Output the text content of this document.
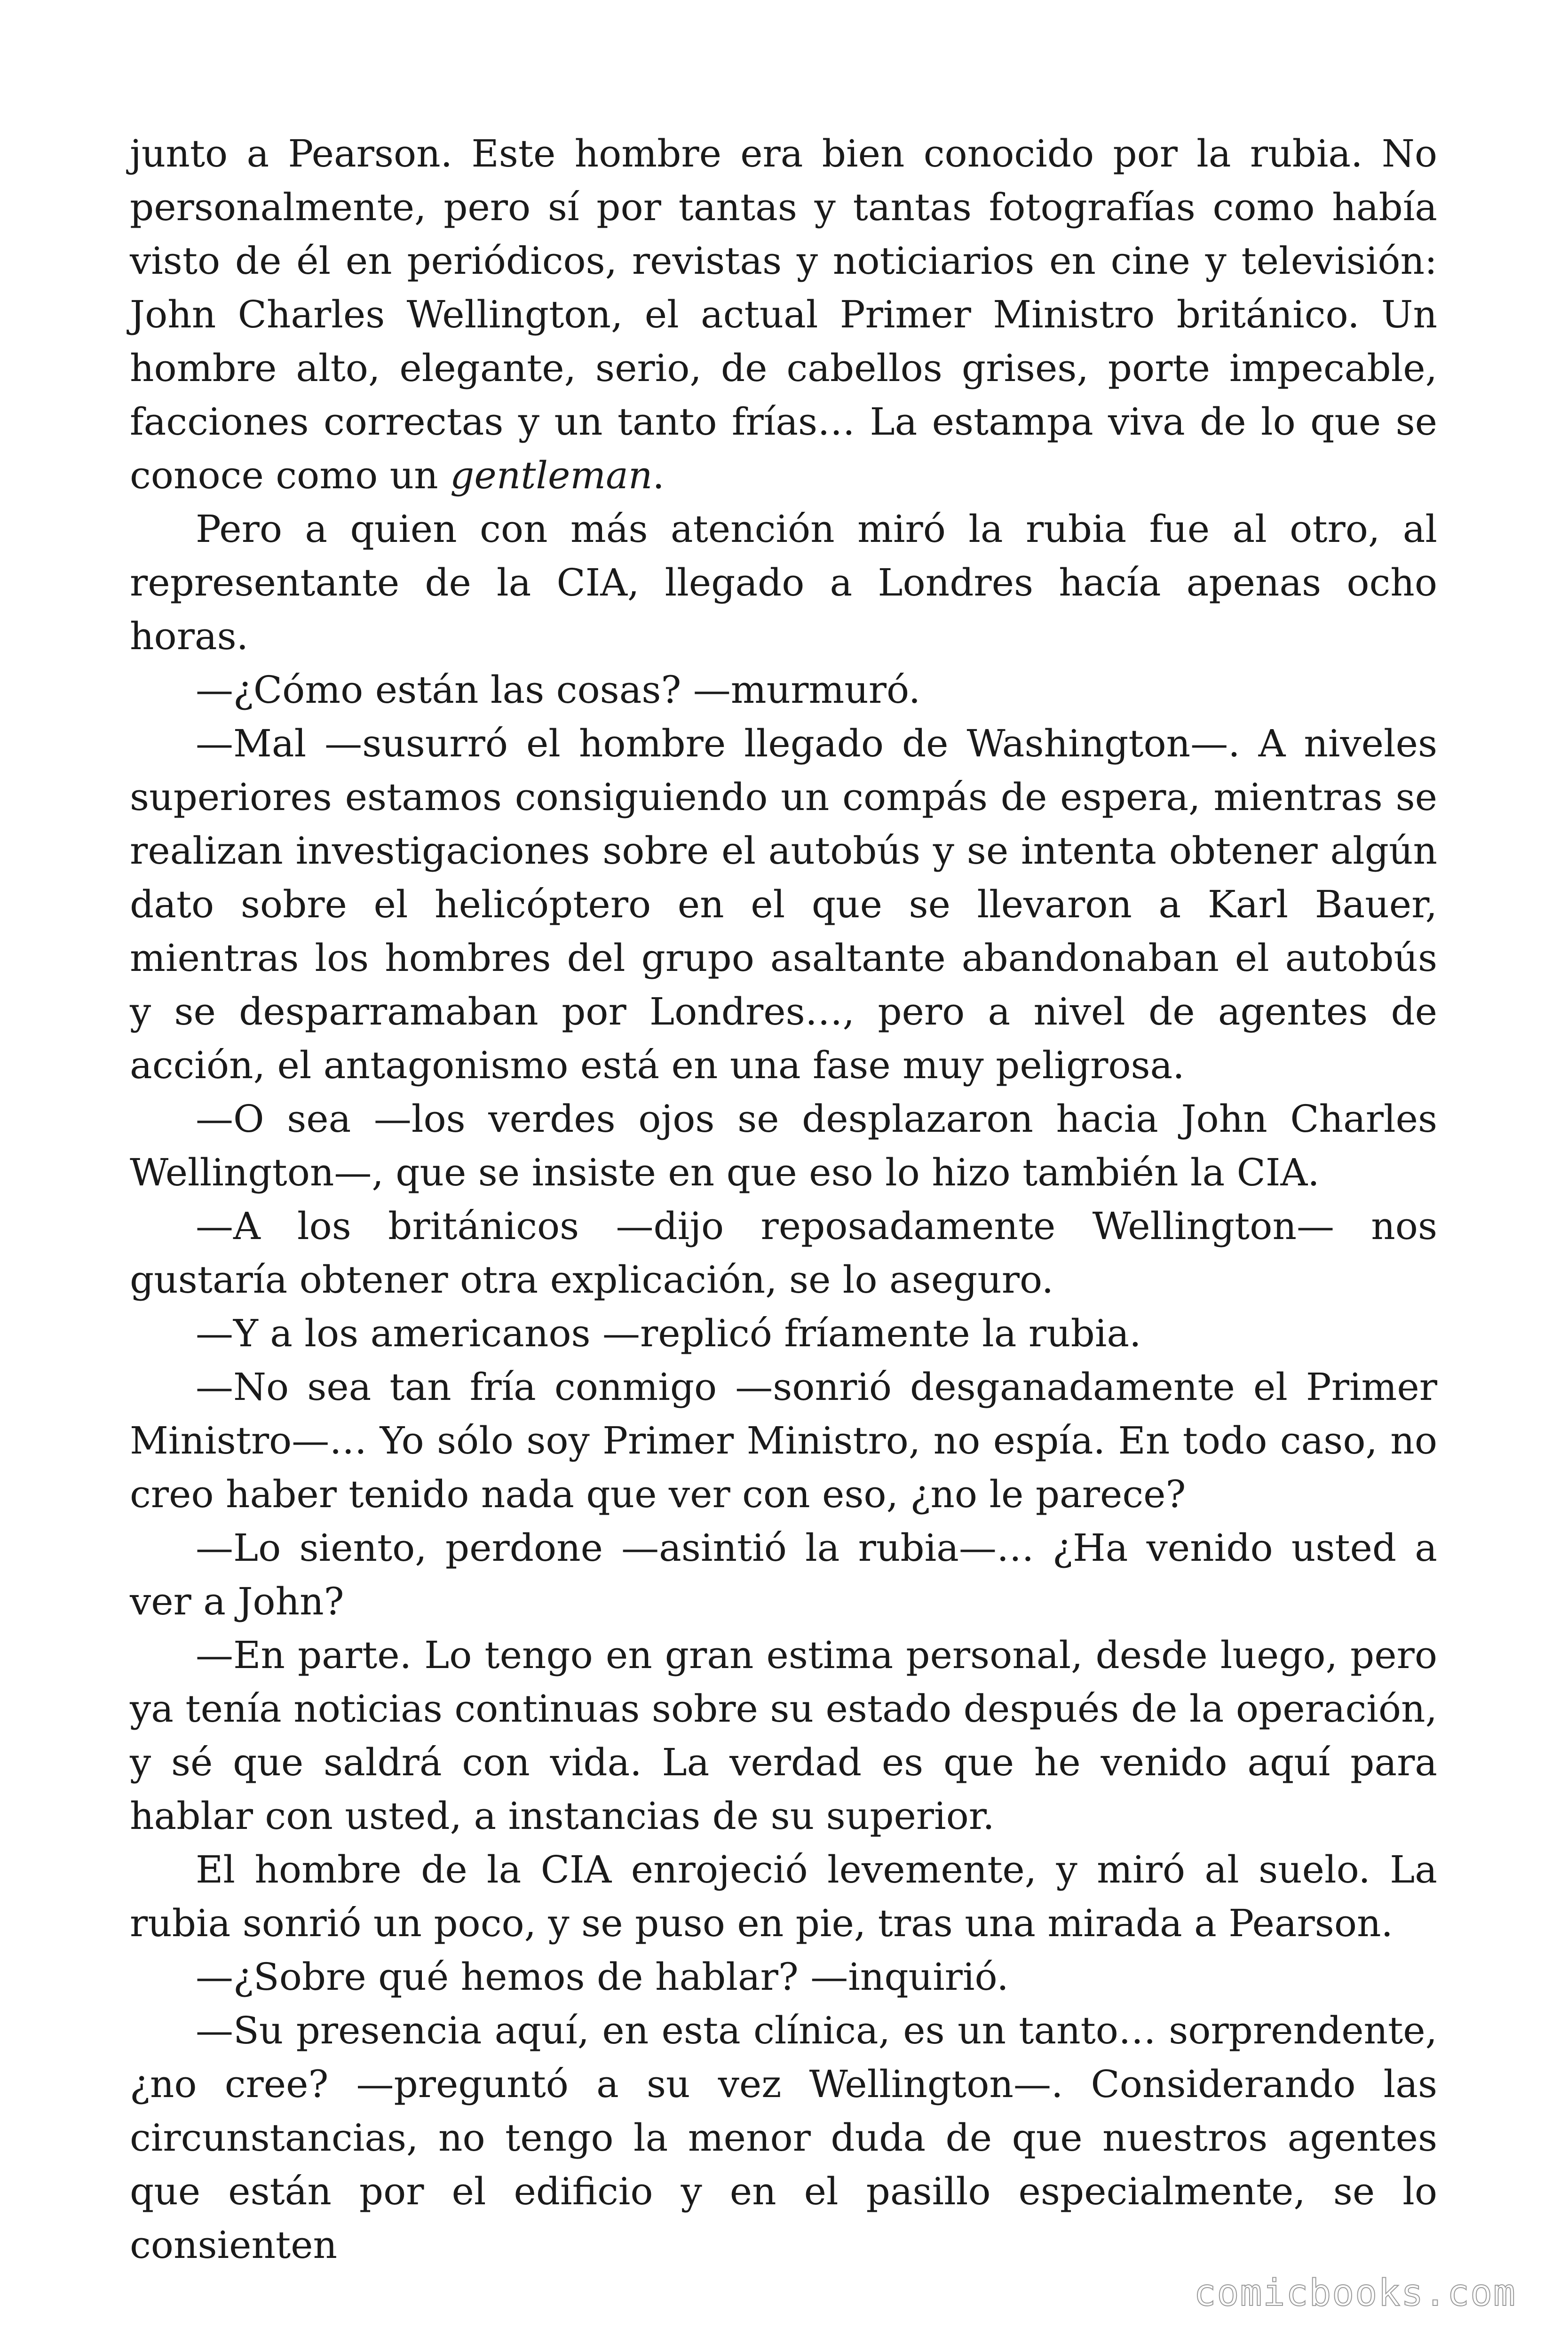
junto a Pearson. Este hombre era bien conocido por la rubia. No personalmente, pero sí por tantas y tantas fotografías como había visto de él en periódicos, revistas y noticiarios en cine y televisión: John Charles Wellington, el actual Primer Ministro británico. Un hombre alto, elegante, serio, de cabellos grises, porte impecable, facciones correctas y un tanto frías… La estampa viva de lo que se conoce como un gentleman.

Pero a quien con más atención miró la rubia fue al otro, al representante de la CIA, llegado a Londres hacía apenas ocho horas.

—¿Cómo están las cosas? —murmuró.

—Mal —susurró el hombre llegado de Washington—. A niveles superiores estamos consiguiendo un compás de espera, mientras se realizan investigaciones sobre el autobús y se intenta obtener algún dato sobre el helicóptero en el que se llevaron a Karl Bauer, mientras los hombres del grupo asaltante abandonaban el autobús y se desparramaban por Londres…, pero a nivel de agentes de acción, el antagonismo está en una fase muy peligrosa.

—O sea —los verdes ojos se desplazaron hacia John Charles Wellington—, que se insiste en que eso lo hizo también la CIA.

—A los británicos —dijo reposadamente Wellington— nos gustaría obtener otra explicación, se lo aseguro.

—Y a los americanos —replicó fríamente la rubia.

—No sea tan fría conmigo —sonrió desganadamente el Primer Ministro—… Yo sólo soy Primer Ministro, no espía. En todo caso, no creo haber tenido nada que ver con eso, ¿no le parece?

—Lo siento, perdone —asintió la rubia—… ¿Ha venido usted a ver a John?

—En parte. Lo tengo en gran estima personal, desde luego, pero ya tenía noticias continuas sobre su estado después de la operación, y sé que saldrá con vida. La verdad es que he venido aquí para hablar con usted, a instancias de su superior.

El hombre de la CIA enrojeció levemente, y miró al suelo. La rubia sonrió un poco, y se puso en pie, tras una mirada a Pearson.

—¿Sobre qué hemos de hablar? —inquirió.

—Su presencia aquí, en esta clínica, es un tanto… sorprendente, ¿no cree? —preguntó a su vez Wellington—. Considerando las circunstancias, no tengo la menor duda de que nuestros agentes que están por el edificio y en el pasillo especialmente, se lo consienten

comicbooks.com
